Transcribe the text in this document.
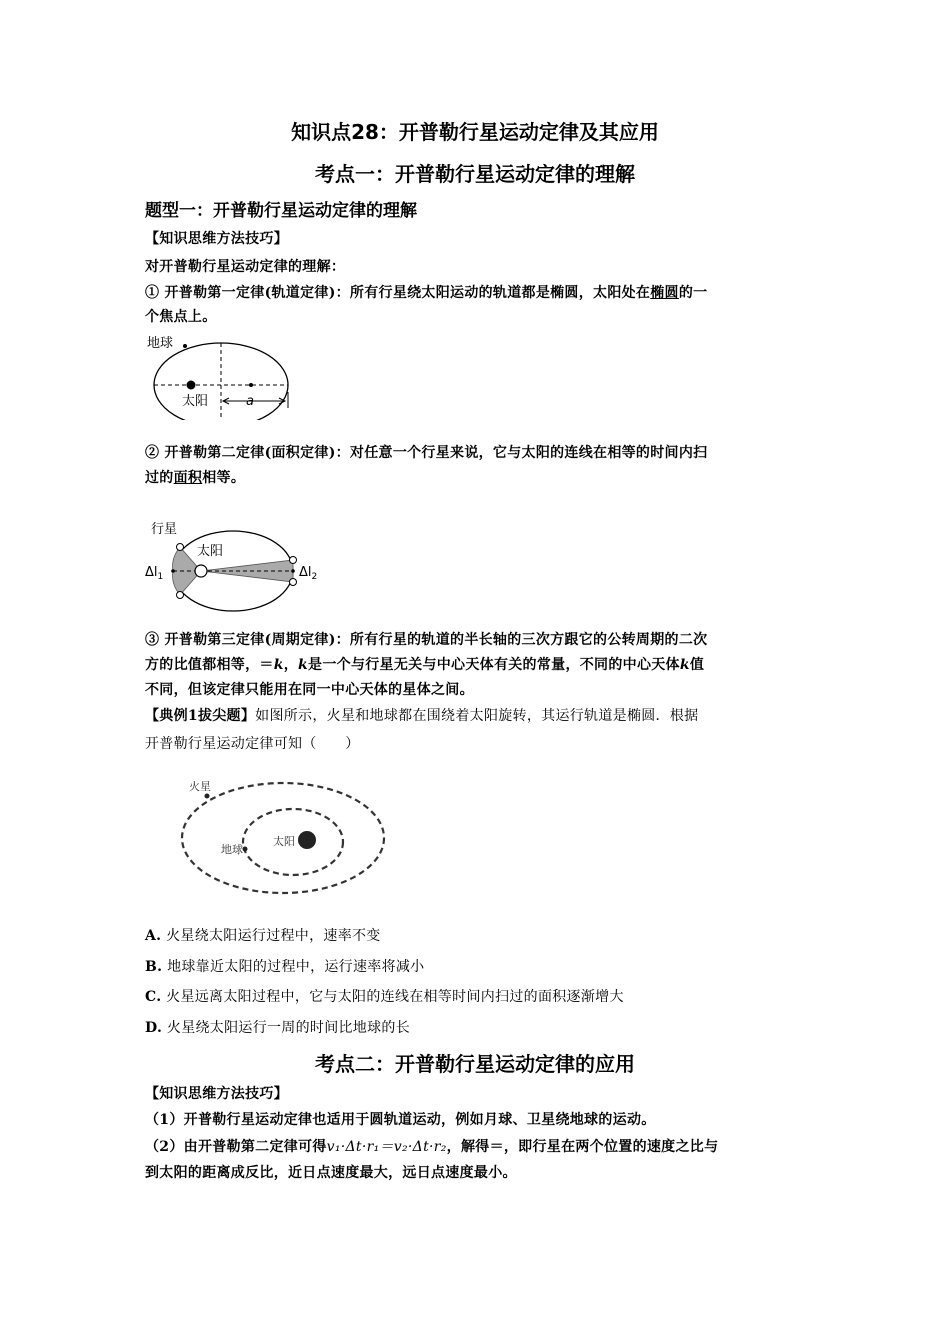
知识点28：开普勒行星运动定律及其应用
考点一：开普勒行星运动定律的理解
题型一：开普勒行星运动定律的理解
【知识思维方法技巧】
对开普勒行星运动定律的理解：
① 开普勒第一定律(轨道定律)：所有行星绕太阳运动的轨道都是椭圆，太阳处在椭圆的一
个焦点上。
地球
太阳	a
② 开普勒第二定律(面积定律)：对任意一个行星来说，它与太阳的连线在相等的时间内扫
过的面积相等。
行星
太阳
$\Delta l_1$	$\Delta l_2$
③ 开普勒第三定律(周期定律)：所有行星的轨道的半长轴的三次方跟它的公转周期的二次
方的比值都相等，＝k，k是一个与行星无关与中心天体有关的常量，不同的中心天体k值
不同，但该定律只能用在同一中心天体的星体之间。
【典例1拔尖题】如图所示，火星和地球都在围绕着太阳旋转，其运行轨道是椭圆．根据
开普勒行星运动定律可知（　　）
火星
地球
太阳
A. 火星绕太阳运行过程中，速率不变
B. 地球靠近太阳的过程中，运行速率将减小
C. 火星远离太阳过程中，它与太阳的连线在相等时间内扫过的面积逐渐增大
D. 火星绕太阳运行一周的时间比地球的长
考点二：开普勒行星运动定律的应用
【知识思维方法技巧】
（1）开普勒行星运动定律也适用于圆轨道运动，例如月球、卫星绕地球的运动。
（2）由开普勒第二定律可得v₁·Δt·r₁＝v₂·Δt·r₂，解得＝，即行星在两个位置的速度之比与
到太阳的距离成反比，近日点速度最大，远日点速度最小。
